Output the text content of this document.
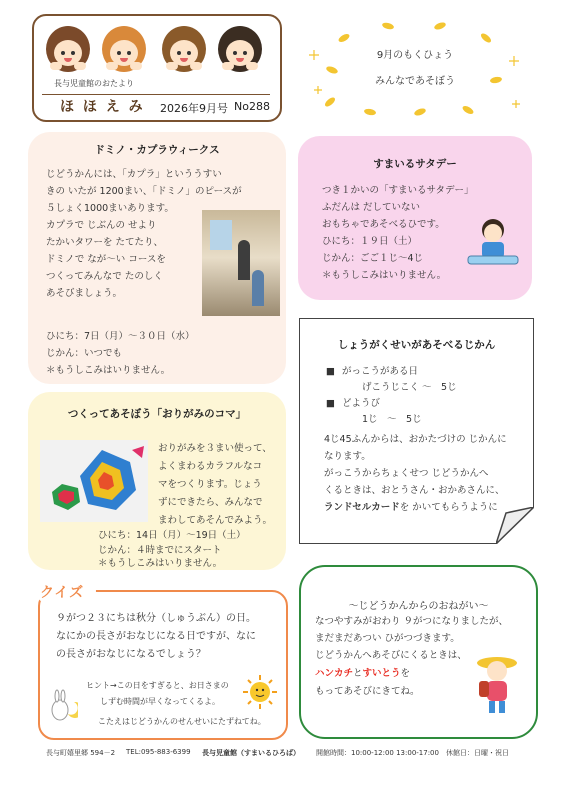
長与児童館のおたより
ほ ほ え み 2026年9月号 No288
9月のもくひょう
みんなであそぼう
ドミノ・カプラウィークス
じどうかんには、「カプラ」といううすい
きの いたが 1200まい、「ドミノ」のピースが
５しょく1000まいあります。
カプラで じぶんの せより
たかいタワーを たてたり、
ドミノで なが〜い コースを
つくってみんなで たのしく
あそびましょう。
ひにち：7日（月）〜３０日（水）
じかん：いつでも
＊もうしこみはいりません。
すまいるサタデー
つき１かいの「すまいるサタデー」
ふだんは だしていない
おもちゃであそべるひです。
ひにち：１９日（土）
じかん：ごご１じ〜4じ
＊もうしこみはいりません。
つくってあそぼう「おりがみのコマ」
おりがみを３まい使って、
よくまわるカラフルなコ
マをつくります。じょう
ずにできたら、みんなで
まわしてあそんでみよう。
ひにち：14日（月）〜19日（土）
じかん：４時までにスタート
＊もうしこみはいりません。
しょうがくせいがあそべるじかん
■ がっこうがある日
げこうじこく 〜　5じ
■ どようび
1じ　〜　5じ
4じ45ふんからは、おかたづけの じかんに
なります。
がっこうからちょくせつ じどうかんへ
くるときは、おとうさん・おかあさんに、
ランドセルカードを かいてもらうように
クイズ
９がつ２３にちは秋分（しゅうぶん）の日。
なにかの長さがおなじになる日ですが、なに
の長さがおなじになるでしょう？
ヒント→この日をすぎると、お日さまの
しずむ時間が早くなってくるよ。
こたえはじどうかんのせんせいにたずねてね。
〜じどうかんからのおねがい〜
なつやすみがおわり ９がつになりましたが、
まだまだあつい ひがつづきます。
じどうかんへあそびにくるときは、
ハンカチとすいとうを
もってあそびにきてね。
長与町嬉里郷 594－2 TEL:095-883-6399 長与児童館（すまいるひろば） 開館時間：10:00-12:00 13:00-17:00　休館日：日曜・祝日
